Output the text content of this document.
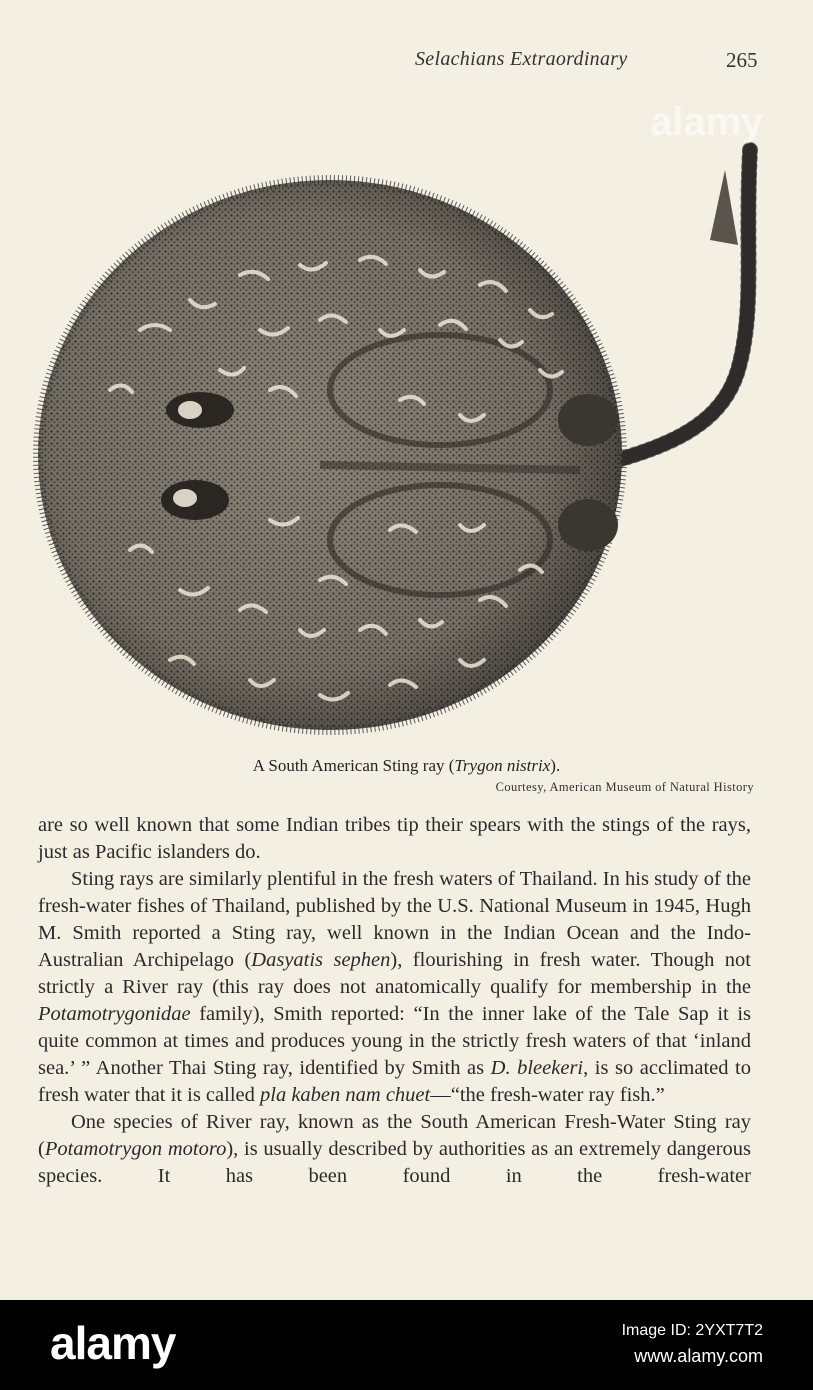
Selachians Extraordinary	265
A South American Sting ray (Trygon nistrix).
Courtesy, American Museum of Natural History

are so well known that some Indian tribes tip their spears with the stings of the rays, just as Pacific islanders do.

Sting rays are similarly plentiful in the fresh waters of Thailand. In his study of the fresh-water fishes of Thailand, published by the U.S. National Museum in 1945, Hugh M. Smith reported a Sting ray, well known in the Indian Ocean and the Indo-Australian Archipelago (Dasyatis sephen), flourishing in fresh water. Though not strictly a River ray (this ray does not anatomically qualify for membership in the Potamotrygonidae family), Smith reported: “In the inner lake of the Tale Sap it is quite common at times and produces young in the strictly fresh waters of that ‘inland sea.’ ” Another Thai Sting ray, identified by Smith as D. bleekeri, is so acclimated to fresh water that it is called pla kaben nam chuet—“the fresh-water ray fish.”

One species of River ray, known as the South American Fresh-Water Sting ray (Potamotrygon motoro), is usually described by authorities as an extremely dangerous species. It has been found in the fresh-water

alamy
alamy	Image ID: 2YXT7T2
www.alamy.com
